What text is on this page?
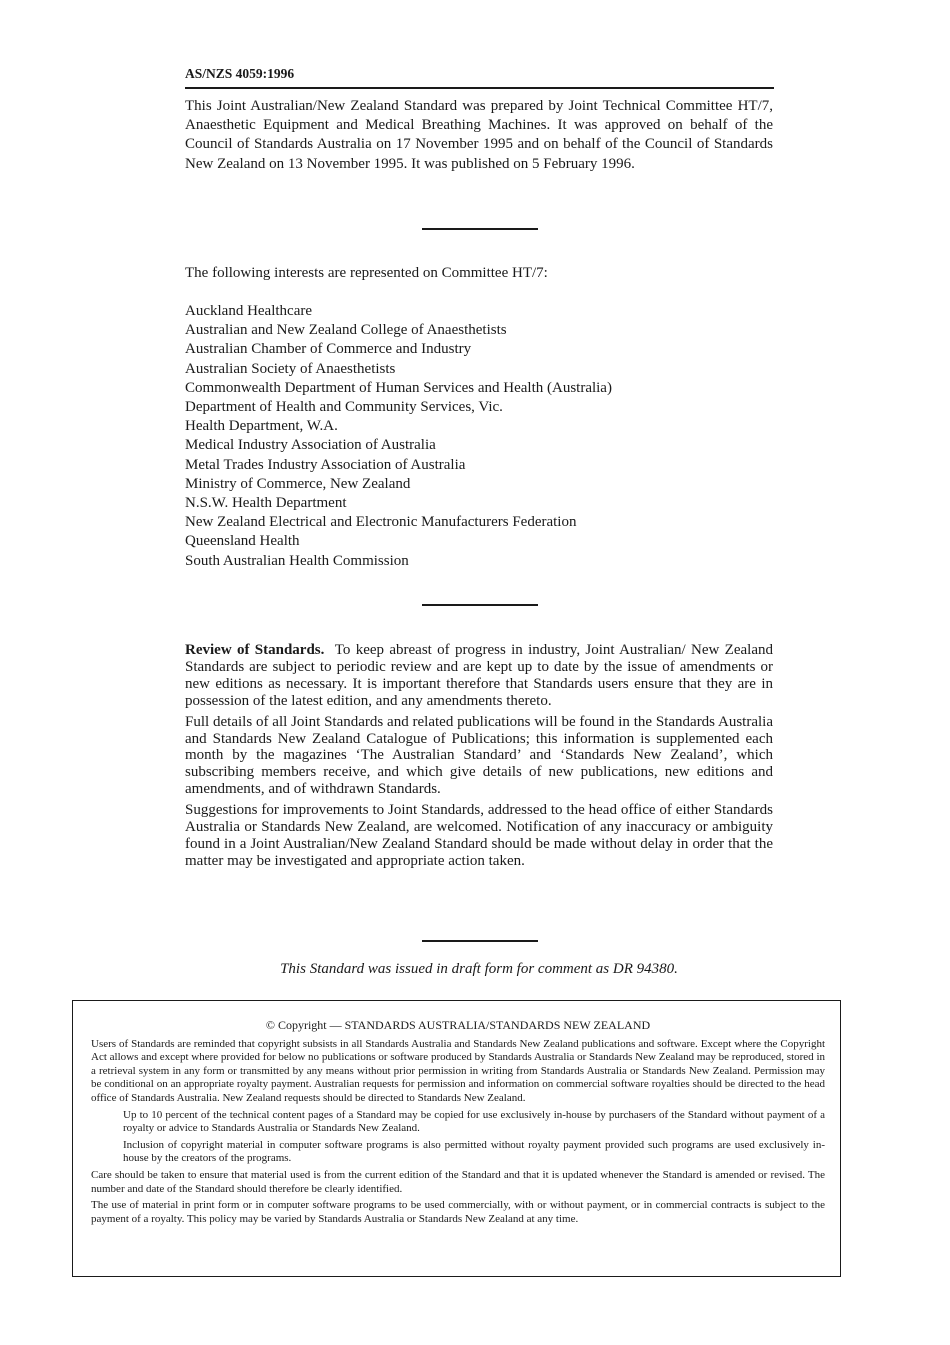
AS/NZS 4059:1996
This Joint Australian/New Zealand Standard was prepared by Joint Technical Committee HT/7, Anaesthetic Equipment and Medical Breathing Machines. It was approved on behalf of the Council of Standards Australia on 17 November 1995 and on behalf of the Council of Standards New Zealand on 13 November 1995. It was published on 5 February 1996.
The following interests are represented on Committee HT/7:
Auckland Healthcare
Australian and New Zealand College of Anaesthetists
Australian Chamber of Commerce and Industry
Australian Society of Anaesthetists
Commonwealth Department of Human Services and Health (Australia)
Department of Health and Community Services, Vic.
Health Department, W.A.
Medical Industry Association of Australia
Metal Trades Industry Association of Australia
Ministry of Commerce, New Zealand
N.S.W. Health Department
New Zealand Electrical and Electronic Manufacturers Federation
Queensland Health
South Australian Health Commission

Review of Standards. To keep abreast of progress in industry, Joint Australian/ New Zealand Standards are subject to periodic review and are kept up to date by the issue of amendments or new editions as necessary. It is important therefore that Standards users ensure that they are in possession of the latest edition, and any amendments thereto.

Full details of all Joint Standards and related publications will be found in the Standards Australia and Standards New Zealand Catalogue of Publications; this information is supplemented each month by the magazines ‘The Australian Standard’ and ‘Standards New Zealand’, which subscribing members receive, and which give details of new publications, new editions and amendments, and of withdrawn Standards.

Suggestions for improvements to Joint Standards, addressed to the head office of either Standards Australia or Standards New Zealand, are welcomed. Notification of any inaccuracy or ambiguity found in a Joint Australian/New Zealand Standard should be made without delay in order that the matter may be investigated and appropriate action taken.

This Standard was issued in draft form for comment as DR 94380.

© Copyright — STANDARDS AUSTRALIA/STANDARDS NEW ZEALAND

Users of Standards are reminded that copyright subsists in all Standards Australia and Standards New Zealand publications and software. Except where the Copyright Act allows and except where provided for below no publications or software produced by Standards Australia or Standards New Zealand may be reproduced, stored in a retrieval system in any form or transmitted by any means without prior permission in writing from Standards Australia or Standards New Zealand. Permission may be conditional on an appropriate royalty payment. Australian requests for permission and information on commercial software royalties should be directed to the head office of Standards Australia. New Zealand requests should be directed to Standards New Zealand.

Up to 10 percent of the technical content pages of a Standard may be copied for use exclusively in-house by purchasers of the Standard without payment of a royalty or advice to Standards Australia or Standards New Zealand.

Inclusion of copyright material in computer software programs is also permitted without royalty payment provided such programs are used exclusively in-house by the creators of the programs.

Care should be taken to ensure that material used is from the current edition of the Standard and that it is updated whenever the Standard is amended or revised. The number and date of the Standard should therefore be clearly identified.

The use of material in print form or in computer software programs to be used commercially, with or without payment, or in commercial contracts is subject to the payment of a royalty. This policy may be varied by Standards Australia or Standards New Zealand at any time.
